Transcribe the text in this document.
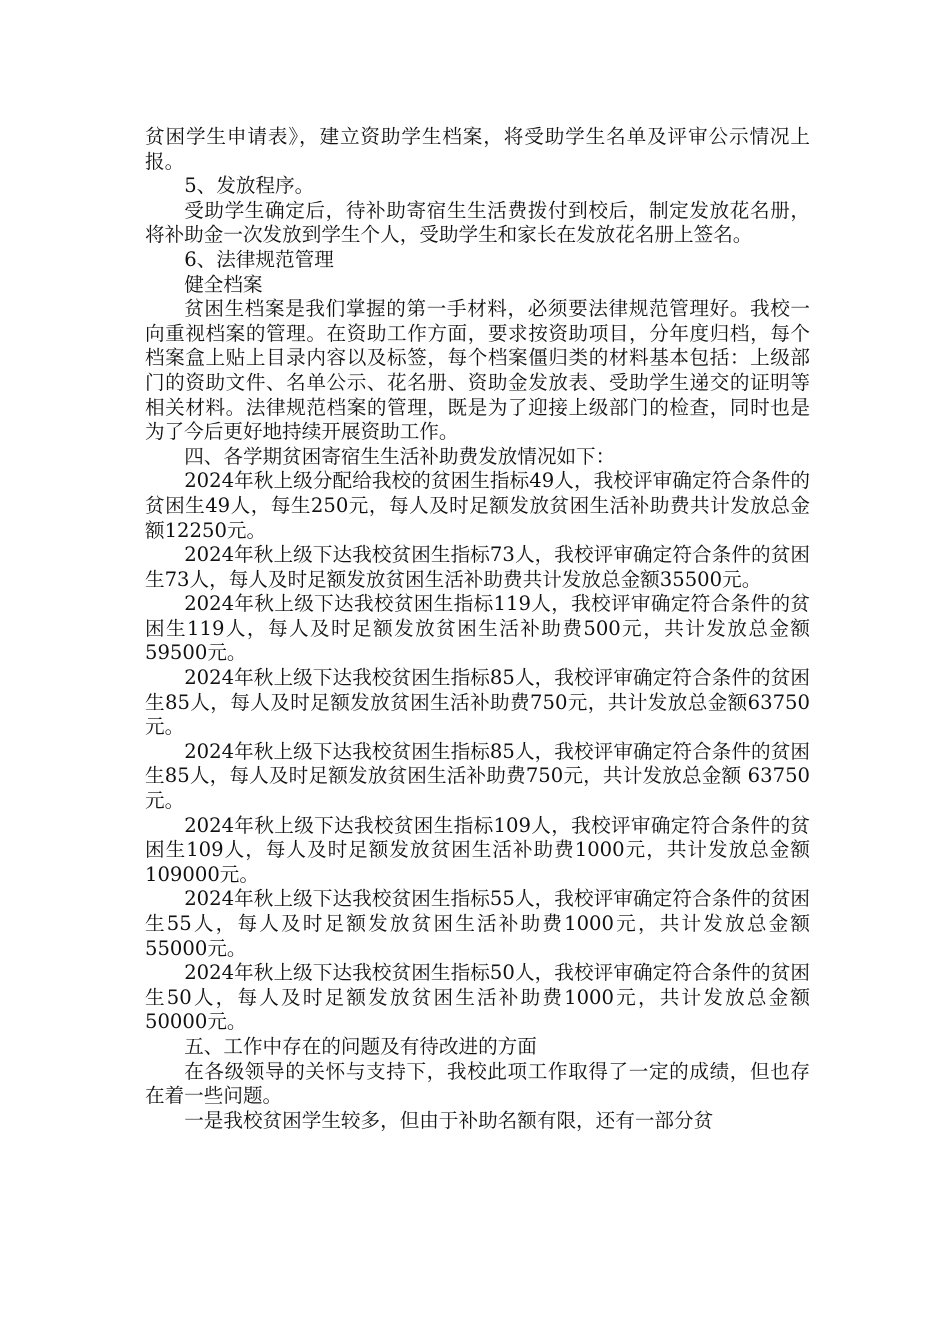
贫困学生申请表》，建立资助学生档案，将受助学生名单及评审公示情况上报。

5、发放程序。

受助学生确定后，待补助寄宿生生活费拨付到校后，制定发放花名册，将补助金一次发放到学生个人，受助学生和家长在发放花名册上签名。

6、法律规范管理

健全档案

贫困生档案是我们掌握的第一手材料，必须要法律规范管理好。我校一向重视档案的管理。在资助工作方面，要求按资助项目，分年度归档，每个档案盒上贴上目录内容以及标签，每个档案僵归类的材料基本包括：上级部门的资助文件、名单公示、花名册、资助金发放表、受助学生递交的证明等相关材料。法律规范档案的管理，既是为了迎接上级部门的检查，同时也是为了今后更好地持续开展资助工作。

四、各学期贫困寄宿生生活补助费发放情况如下：

2024年秋上级分配给我校的贫困生指标49人，我校评审确定符合条件的贫困生49人，每生250元，每人及时足额发放贫困生活补助费共计发放总金额12250元。

2024年秋上级下达我校贫困生指标73人，我校评审确定符合条件的贫困生73人，每人及时足额发放贫困生活补助费共计发放总金额35500元。

2024年秋上级下达我校贫困生指标119人，我校评审确定符合条件的贫困生119人，每人及时足额发放贫困生活补助费500元，共计发放总金额59500元。

2024年秋上级下达我校贫困生指标85人，我校评审确定符合条件的贫困生85人，每人及时足额发放贫困生活补助费750元，共计发放总金额63750元。

2024年秋上级下达我校贫困生指标85人，我校评审确定符合条件的贫困生85人，每人及时足额发放贫困生活补助费750元，共计发放总金额 63750元。

2024年秋上级下达我校贫困生指标109人，我校评审确定符合条件的贫困生109人，每人及时足额发放贫困生活补助费1000元，共计发放总金额109000元。

2024年秋上级下达我校贫困生指标55人，我校评审确定符合条件的贫困生55人，每人及时足额发放贫困生活补助费1000元，共计发放总金额 55000元。

2024年秋上级下达我校贫困生指标50人，我校评审确定符合条件的贫困生50人，每人及时足额发放贫困生活补助费1000元，共计发放总金额 50000元。

五、工作中存在的问题及有待改进的方面

在各级领导的关怀与支持下，我校此项工作取得了一定的成绩，但也存在着一些问题。

一是我校贫困学生较多，但由于补助名额有限，还有一部分贫
